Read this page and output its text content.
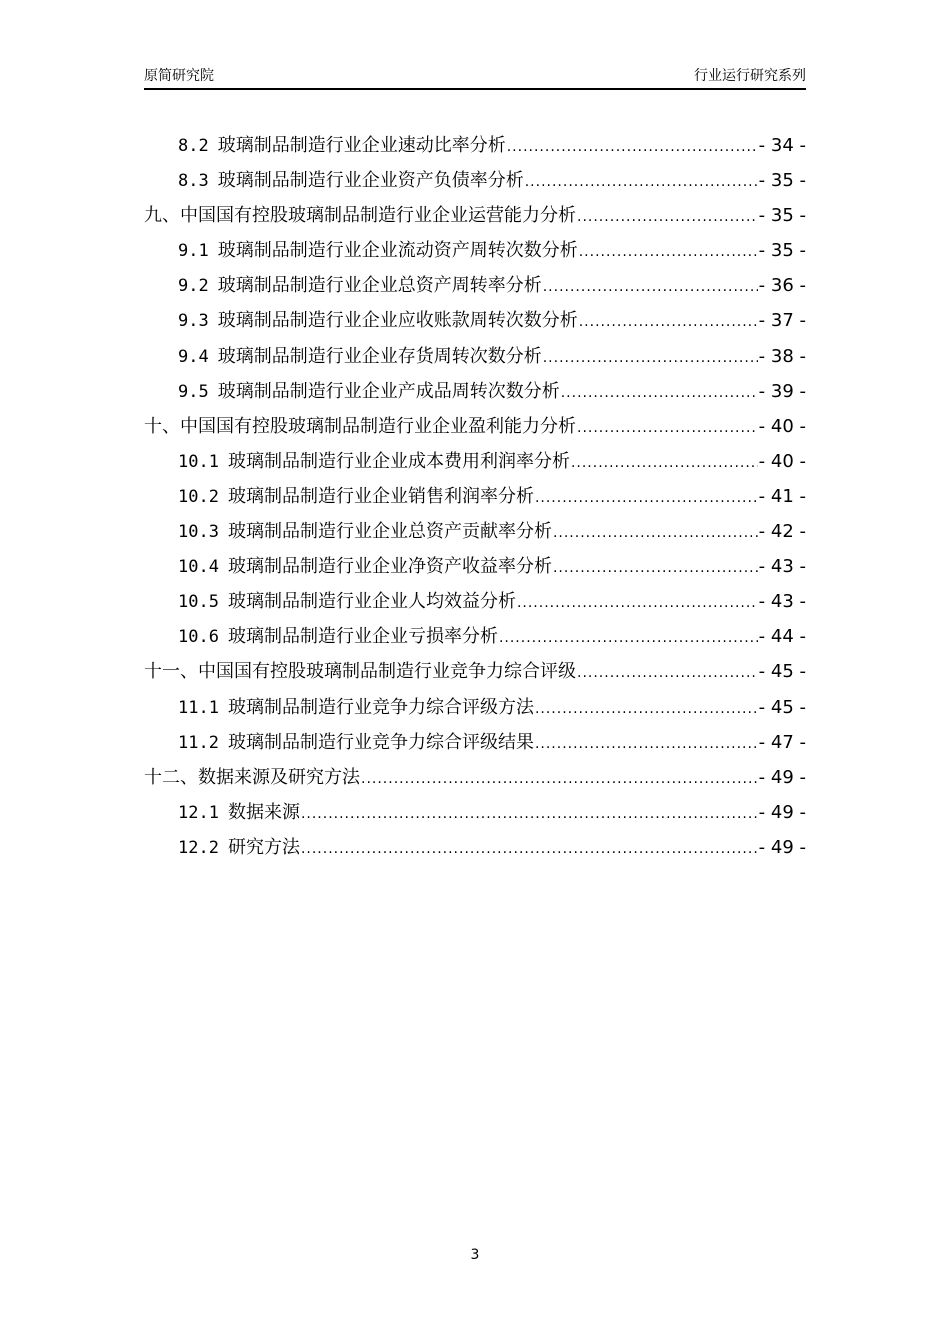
原简研究院	行业运行研究系列
8.2 玻璃制品制造行业企业速动比率分析 .....	- 34 -
8.3 玻璃制品制造行业企业资产负债率分析 .....	- 35 -
九、中国国有控股玻璃制品制造行业企业运营能力分析 .....	- 35 -
9.1 玻璃制品制造行业企业流动资产周转次数分析 .....	- 35 -
9.2 玻璃制品制造行业企业总资产周转率分析 .....	- 36 -
9.3 玻璃制品制造行业企业应收账款周转次数分析 .....	- 37 -
9.4 玻璃制品制造行业企业存货周转次数分析 .....	- 38 -
9.5 玻璃制品制造行业企业产成品周转次数分析 .....	- 39 -
十、中国国有控股玻璃制品制造行业企业盈利能力分析 .....	- 40 -
10.1 玻璃制品制造行业企业成本费用利润率分析 .....	- 40 -
10.2 玻璃制品制造行业企业销售利润率分析 .....	- 41 -
10.3 玻璃制品制造行业企业总资产贡献率分析 .....	- 42 -
10.4 玻璃制品制造行业企业净资产收益率分析 .....	- 43 -
10.5 玻璃制品制造行业企业人均效益分析 .....	- 43 -
10.6 玻璃制品制造行业企业亏损率分析 .....	- 44 -
十一、中国国有控股玻璃制品制造行业竞争力综合评级 .....	- 45 -
11.1 玻璃制品制造行业竞争力综合评级方法 .....	- 45 -
11.2 玻璃制品制造行业竞争力综合评级结果 .....	- 47 -
十二、数据来源及研究方法 .....	- 49 -
12.1 数据来源 .....	- 49 -
12.2 研究方法 .....	- 49 -
3
